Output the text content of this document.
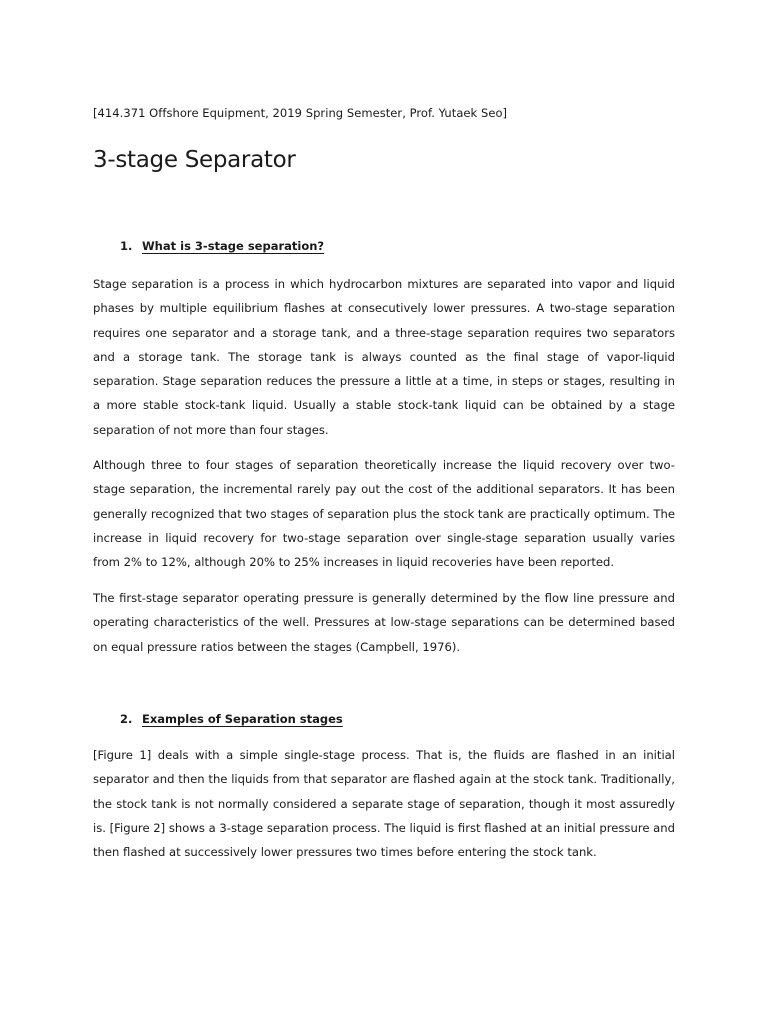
[414.371 Offshore Equipment, 2019 Spring Semester, Prof. Yutaek Seo]
3-stage Separator
1. What is 3-stage separation?

Stage separation is a process in which hydrocarbon mixtures are separated into vapor and liquid phases by multiple equilibrium flashes at consecutively lower pressures. A two-stage separation requires one separator and a storage tank, and a three-stage separation requires two separators and a storage tank. The storage tank is always counted as the final stage of vapor-liquid separation. Stage separation reduces the pressure a little at a time, in steps or stages, resulting in a more stable stock-tank liquid. Usually a stable stock-tank liquid can be obtained by a stage separation of not more than four stages.

Although three to four stages of separation theoretically increase the liquid recovery over two-stage separation, the incremental rarely pay out the cost of the additional separators. It has been generally recognized that two stages of separation plus the stock tank are practically optimum. The increase in liquid recovery for two-stage separation over single-stage separation usually varies from 2% to 12%, although 20% to 25% increases in liquid recoveries have been reported.

The first-stage separator operating pressure is generally determined by the flow line pressure and operating characteristics of the well. Pressures at low-stage separations can be determined based on equal pressure ratios between the stages (Campbell, 1976).

2. Examples of Separation stages

[Figure 1] deals with a simple single-stage process. That is, the fluids are flashed in an initial separator and then the liquids from that separator are flashed again at the stock tank. Traditionally, the stock tank is not normally considered a separate stage of separation, though it most assuredly is. [Figure 2] shows a 3-stage separation process. The liquid is first flashed at an initial pressure and then flashed at successively lower pressures two times before entering the stock tank.
